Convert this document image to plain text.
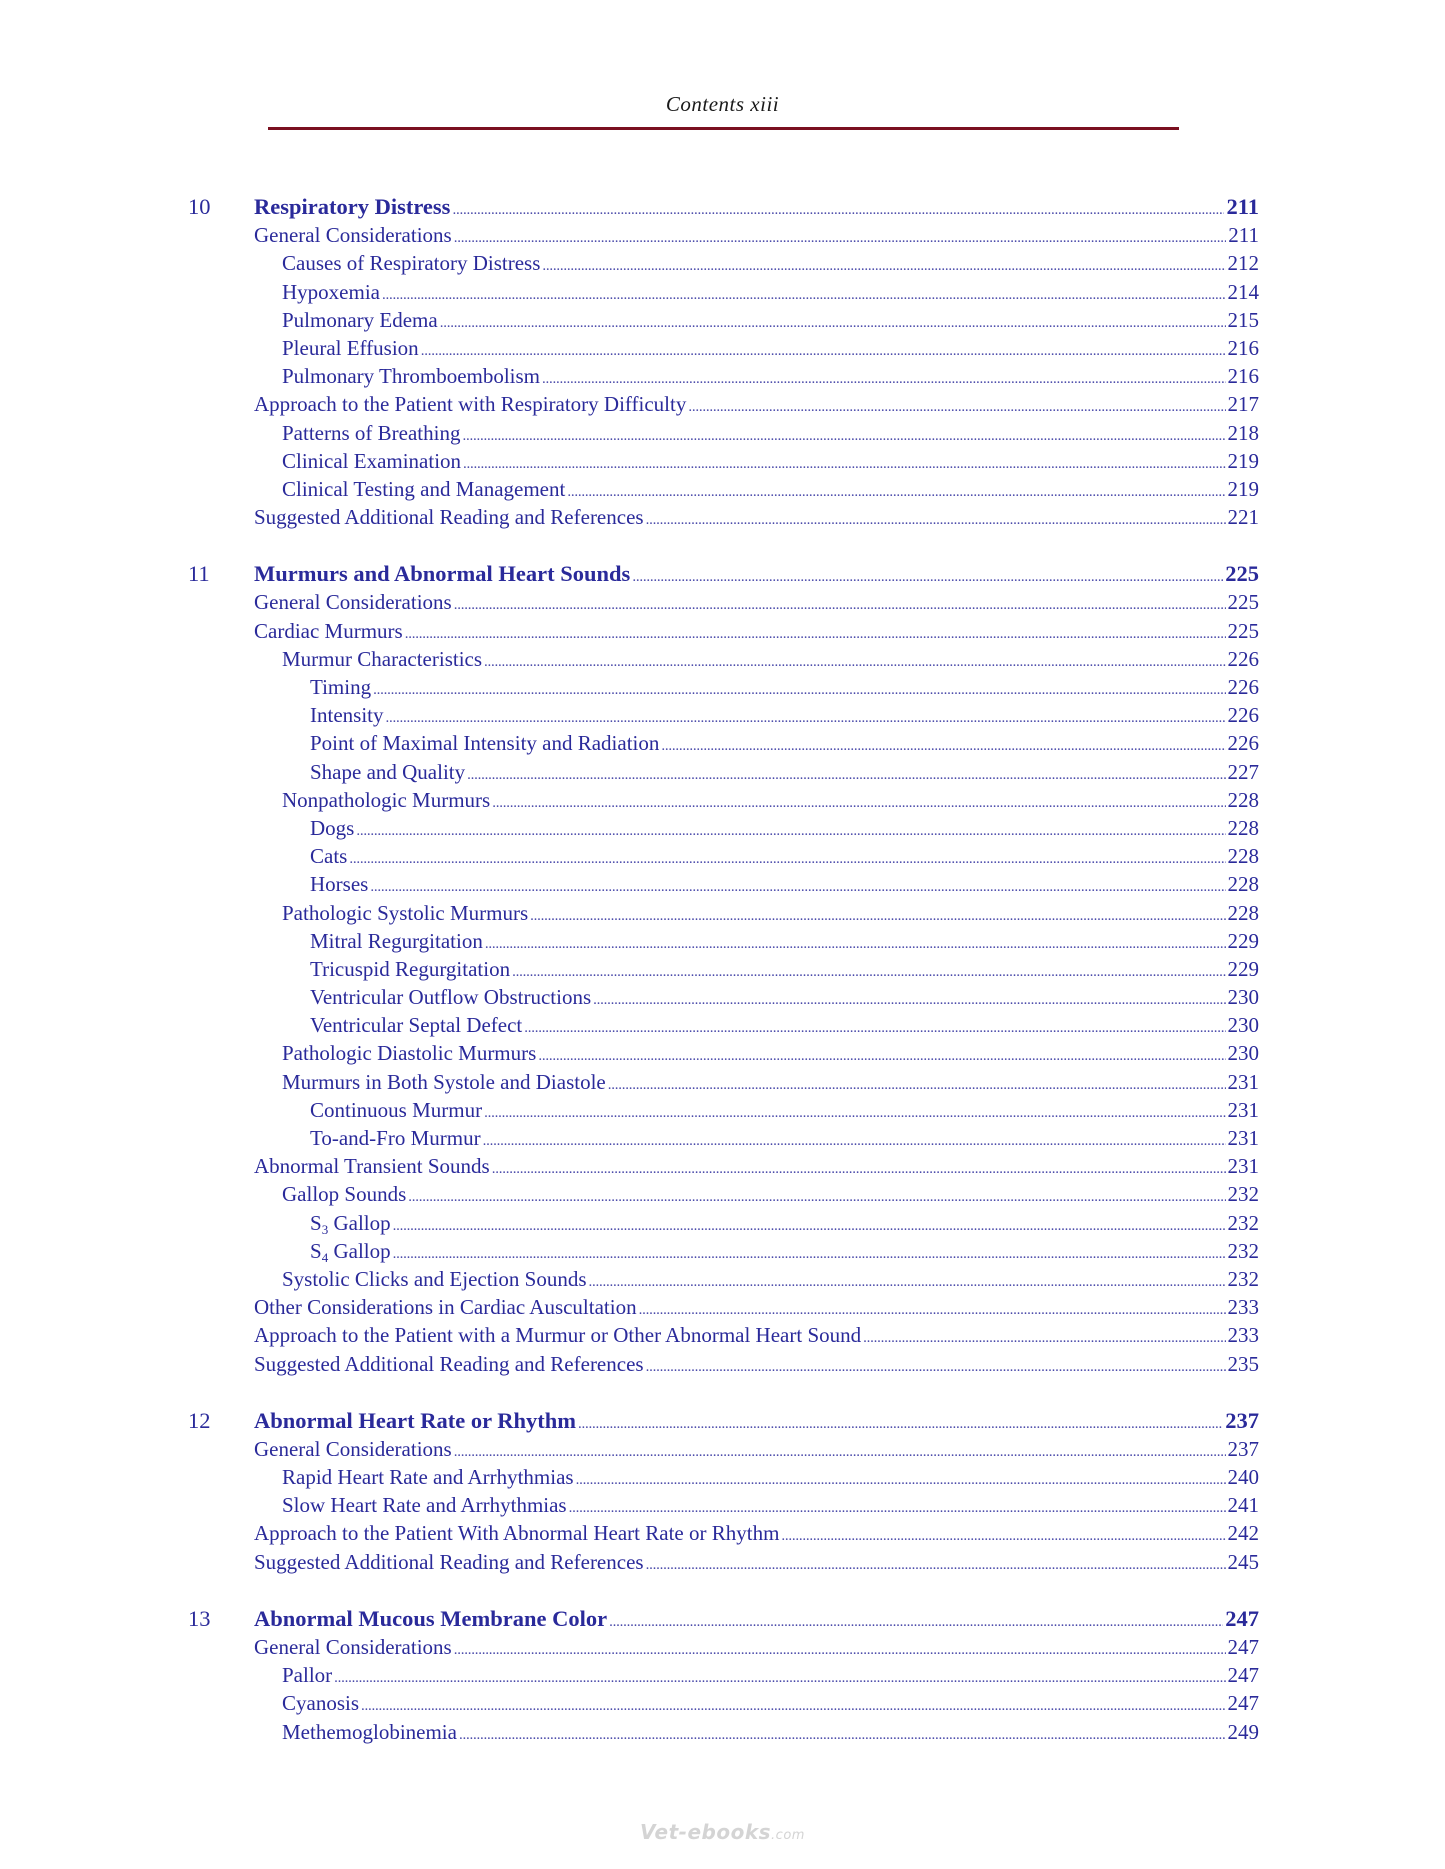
Contents xiii
10 Respiratory Distress . . .	211
General Considerations . . .	211
Causes of Respiratory Distress . . .	212
Hypoxemia . . .	214
Pulmonary Edema . . .	215
Pleural Effusion . . .	216
Pulmonary Thromboembolism . . .	216
Approach to the Patient with Respiratory Difficulty . . .	217
Patterns of Breathing . . .	218
Clinical Examination . . .	219
Clinical Testing and Management . . .	219
Suggested Additional Reading and References . . .	221
11 Murmurs and Abnormal Heart Sounds . . .	225
General Considerations . . .	225
Cardiac Murmurs . . .	225
Murmur Characteristics . . .	226
Timing . . .	226
Intensity . . .	226
Point of Maximal Intensity and Radiation . . .	226
Shape and Quality . . .	227
Nonpathologic Murmurs . . .	228
Dogs . . .	228
Cats . . .	228
Horses . . .	228
Pathologic Systolic Murmurs . . .	228
Mitral Regurgitation . . .	229
Tricuspid Regurgitation . . .	229
Ventricular Outflow Obstructions . . .	230
Ventricular Septal Defect . . .	230
Pathologic Diastolic Murmurs . . .	230
Murmurs in Both Systole and Diastole . . .	231
Continuous Murmur . . .	231
To-and-Fro Murmur . . .	231
Abnormal Transient Sounds . . .	231
Gallop Sounds . . .	232
$S_3$ Gallop . . .	232
$S_4$ Gallop . . .	232
Systolic Clicks and Ejection Sounds . . .	232
Other Considerations in Cardiac Auscultation . . .	233
Approach to the Patient with a Murmur or Other Abnormal Heart Sound . . .	233
Suggested Additional Reading and References . . .	235
12 Abnormal Heart Rate or Rhythm . . .	237
General Considerations . . .	237
Rapid Heart Rate and Arrhythmias . . .	240
Slow Heart Rate and Arrhythmias . . .	241
Approach to the Patient With Abnormal Heart Rate or Rhythm . . .	242
Suggested Additional Reading and References . . .	245
13 Abnormal Mucous Membrane Color . . .	247
General Considerations . . .	247
Pallor . . .	247
Cyanosis . . .	247
Methemoglobinemia . . .	249
Vet-ebooks.com
